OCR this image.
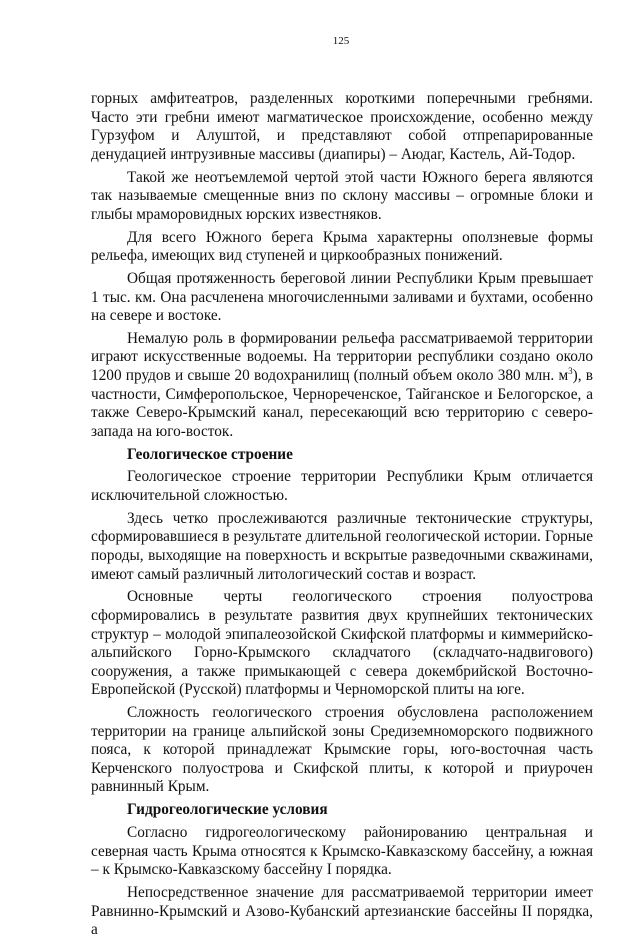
125

горных амфитеатров, разделенных короткими поперечными гребнями. Часто эти гребни имеют магматическое происхождение, особенно между Гурзуфом и Алуштой, и представляют собой отпрепарированные денудацией интрузивные массивы (диапиры) – Аюдаг, Кастель, Ай-Тодор.

Такой же неотъемлемой чертой этой части Южного берега являются так называемые смещенные вниз по склону массивы – огромные блоки и глыбы мраморовидных юрских известняков.

Для всего Южного берега Крыма характерны оползневые формы рельефа, имеющих вид ступеней и циркообразных понижений.

Общая протяженность береговой линии Республики Крым превышает 1 тыс. км. Она расчленена многочисленными заливами и бухтами, особенно на севере и востоке.

Немалую роль в формировании рельефа рассматриваемой территории играют искусственные водоемы. На территории республики создано около 1200 прудов и свыше 20 водохранилищ (полный объем около 380 млн. $м^3$), в частности, Симферопольское, Чернореченское, Тайганское и Белогорское, а также Северо-Крымский канал, пересекающий всю территорию с северо-запада на юго-восток.

Геологическое строение

Геологическое строение территории Республики Крым отличается исключительной сложностью.

Здесь четко прослеживаются различные тектонические структуры, сформировавшиеся в результате длительной геологической истории. Горные породы, выходящие на поверхность и вскрытые разведочными скважинами, имеют самый различный литологический состав и возраст.

Основные черты геологического строения полуострова сформировались в результате развития двух крупнейших тектонических структур – молодой эпипалеозойской Скифской платформы и киммерийско-альпийского Горно-Крымского складчатого (складчато-надвигового) сооружения, а также примыкающей с севера докембрийской Восточно-Европейской (Русской) платформы и Черноморской плиты на юге.

Сложность геологического строения обусловлена расположением территории на границе альпийской зоны Средиземноморского подвижного пояса, к которой принадлежат Крымские горы, юго-восточная часть Керченского полуострова и Скифской плиты, к которой и приурочен равнинный Крым.

Гидрогеологические условия

Согласно гидрогеологическому районированию центральная и северная часть Крыма относятся к Крымско-Кавказскому бассейну, а южная – к Крымско-Кавказскому бассейну I порядка.

Непосредственное значение для рассматриваемой территории имеет Равнинно-Крымский и Азово-Кубанский артезианские бассейны II порядка, а
